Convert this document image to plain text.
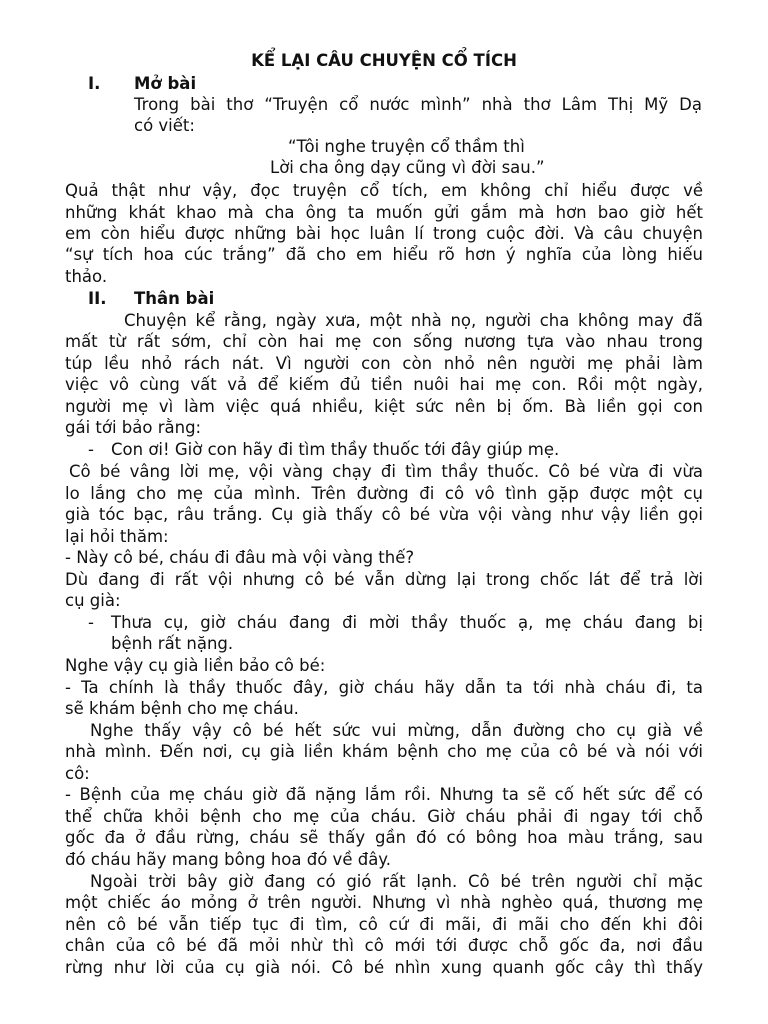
KỂ LẠI CÂU CHUYỆN CỔ TÍCH
I. Mở bài
Trong bài thơ “Truyện cổ nước mình” nhà thơ Lâm Thị Mỹ Dạ
có viết:
“Tôi nghe truyện cổ thầm thì
Lời cha ông dạy cũng vì đời sau.”
Quả thật như vậy, đọc truyện cổ tích, em không chỉ hiểu được về
những khát khao mà cha ông ta muốn gửi gắm mà hơn bao giờ hết
em còn hiểu được những bài học luân lí trong cuộc đời. Và câu chuyện
“sự tích hoa cúc trắng” đã cho em hiểu rõ hơn ý nghĩa của lòng hiếu
thảo.
II. Thân bài
Chuyện kể rằng, ngày xưa, một nhà nọ, người cha không may đã
mất từ rất sớm, chỉ còn hai mẹ con sống nương tựa vào nhau trong
túp lều nhỏ rách nát. Vì người con còn nhỏ nên người mẹ phải làm
việc vô cùng vất vả để kiếm đủ tiền nuôi hai mẹ con. Rồi một ngày,
người mẹ vì làm việc quá nhiều, kiệt sức nên bị ốm. Bà liền gọi con
gái tới bảo rằng:
- Con ơi! Giờ con hãy đi tìm thầy thuốc tới đây giúp mẹ.
Cô bé vâng lời mẹ, vội vàng chạy đi tìm thầy thuốc. Cô bé vừa đi vừa
lo lắng cho mẹ của mình. Trên đường đi cô vô tình gặp được một cụ
già tóc bạc, râu trắng. Cụ già thấy cô bé vừa vội vàng như vậy liền gọi
lại hỏi thăm:
- Này cô bé, cháu đi đâu mà vội vàng thế?
Dù đang đi rất vội nhưng cô bé vẫn dừng lại trong chốc lát để trả lời
cụ già:
- Thưa cụ, giờ cháu đang đi mời thầy thuốc ạ, mẹ cháu đang bị
bệnh rất nặng.
Nghe vậy cụ già liền bảo cô bé:
- Ta chính là thầy thuốc đây, giờ cháu hãy dẫn ta tới nhà cháu đi, ta
sẽ khám bệnh cho mẹ cháu.
Nghe thấy vậy cô bé hết sức vui mừng, dẫn đường cho cụ già về
nhà mình. Đến nơi, cụ già liền khám bệnh cho mẹ của cô bé và nói với
cô:
- Bệnh của mẹ cháu giờ đã nặng lắm rồi. Nhưng ta sẽ cố hết sức để có
thể chữa khỏi bệnh cho mẹ của cháu. Giờ cháu phải đi ngay tới chỗ
gốc đa ở đầu rừng, cháu sẽ thấy gần đó có bông hoa màu trắng, sau
đó cháu hãy mang bông hoa đó về đây.
Ngoài trời bây giờ đang có gió rất lạnh. Cô bé trên người chỉ mặc
một chiếc áo mỏng ở trên người. Nhưng vì nhà nghèo quá, thương mẹ
nên cô bé vẫn tiếp tục đi tìm, cô cứ đi mãi, đi mãi cho đến khi đôi
chân của cô bé đã mỏi nhừ thì cô mới tới được chỗ gốc đa, nơi đầu
rừng như lời của cụ già nói. Cô bé nhìn xung quanh gốc cây thì thấy
